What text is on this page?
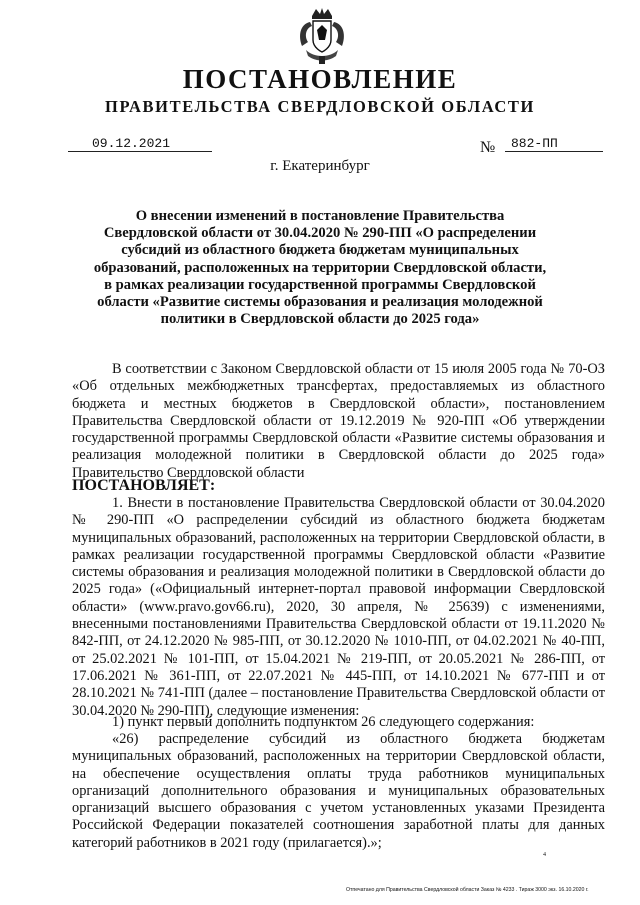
ПОСТАНОВЛЕНИЕ
ПРАВИТЕЛЬСТВА СВЕРДЛОВСКОЙ ОБЛАСТИ
09.12.2021	№	882-ПП
г. Екатеринбург
О внесении изменений в постановление Правительства Свердловской области от 30.04.2020 № 290-ПП «О распределении субсидий из областного бюджета бюджетам муниципальных образований, расположенных на территории Свердловской области, в рамках реализации государственной программы Свердловской области «Развитие системы образования и реализация молодежной политики в Свердловской области до 2025 года»
В соответствии с Законом Свердловской области от 15 июля 2005 года № 70-ОЗ «Об отдельных межбюджетных трансфертах, предоставляемых из областного бюджета и местных бюджетов в Свердловской области», постановлением Правительства Свердловской области от 19.12.2019 № 920-ПП «Об утверждении государственной программы Свердловской области «Развитие системы образования и реализация молодежной политики в Свердловской области до 2025 года» Правительство Свердловской области
ПОСТАНОВЛЯЕТ:
1. Внести в постановление Правительства Свердловской области от 30.04.2020 № 290-ПП «О распределении субсидий из областного бюджета бюджетам муниципальных образований, расположенных на территории Свердловской области, в рамках реализации государственной программы Свердловской области «Развитие системы образования и реализация молодежной политики в Свердловской области до 2025 года» («Официальный интернет-портал правовой информации Свердловской области» (www.pravo.gov66.ru), 2020, 30 апреля, № 25639) с изменениями, внесенными постановлениями Правительства Свердловской области от 19.11.2020 № 842-ПП, от 24.12.2020 № 985-ПП, от 30.12.2020 № 1010-ПП, от 04.02.2021 № 40-ПП, от 25.02.2021 № 101-ПП, от 15.04.2021 № 219-ПП, от 20.05.2021 № 286-ПП, от 17.06.2021 № 361-ПП, от 22.07.2021 № 445-ПП, от 14.10.2021 № 677-ПП и от 28.10.2021 № 741-ПП (далее – постановление Правительства Свердловской области от 30.04.2020 № 290-ПП), следующие изменения:
1) пункт первый дополнить подпунктом 26 следующего содержания:
«26) распределение субсидий из областного бюджета бюджетам муниципальных образований, расположенных на территории Свердловской области, на обеспечение осуществления оплаты труда работников муниципальных организаций дополнительного образования и муниципальных образовательных организаций высшего образования с учетом установленных указами Президента Российской Федерации показателей соотношения заработной платы для данных категорий работников в 2021 году (прилагается).»;
4
Отпечатано для Правительства Свердловской области Заказ № 4233 . Тираж 3000 экз. 16.10.2020 г.
